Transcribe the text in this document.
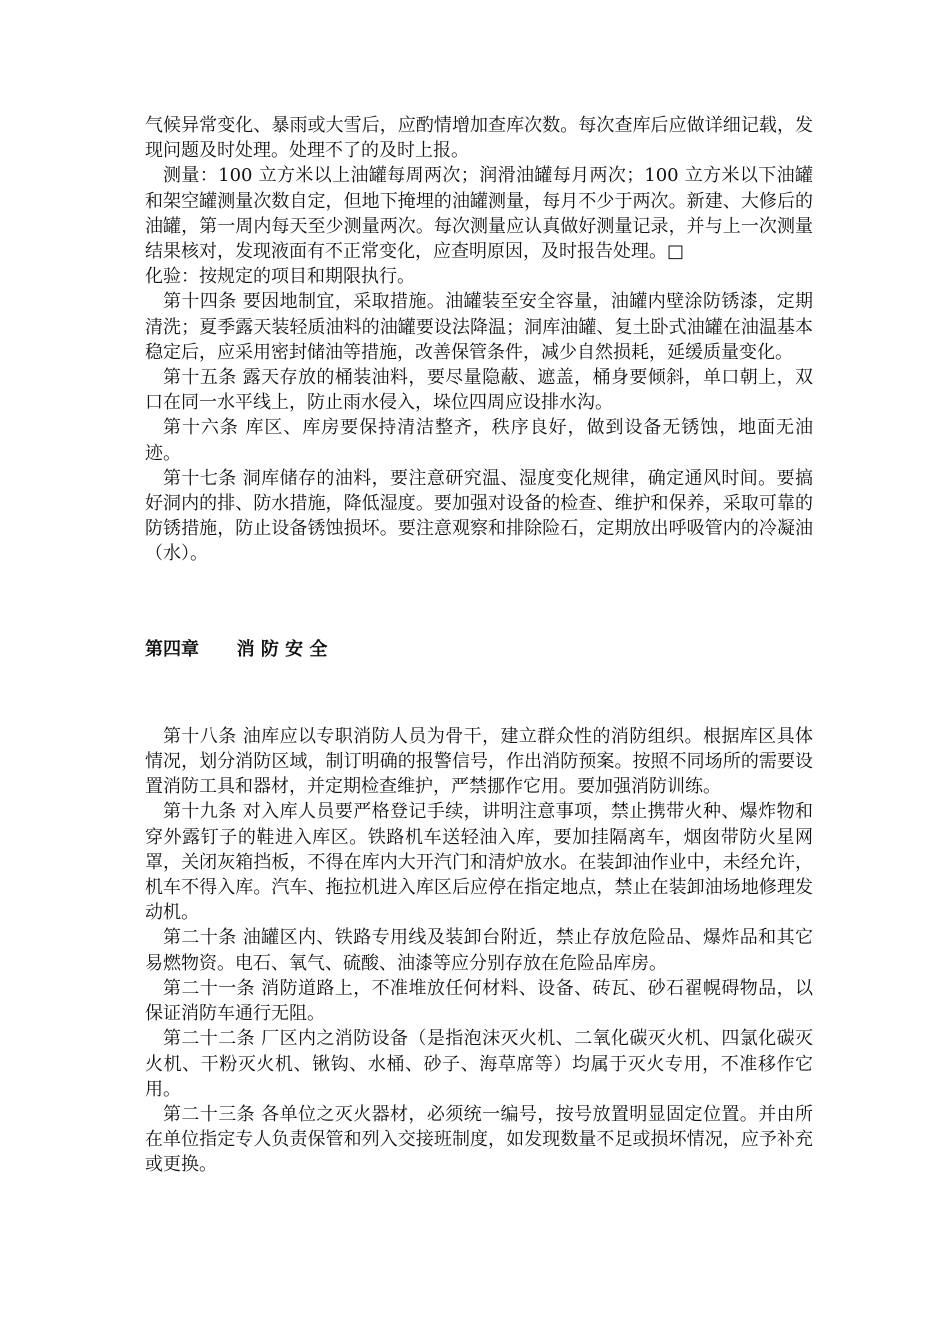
气候异常变化、暴雨或大雪后，应酌情增加查库次数。每次查库后应做详细记载，发现问题及时处理。处理不了的及时上报。

测量：100 立方米以上油罐每周两次；润滑油罐每月两次；100 立方米以下油罐和架空罐测量次数自定，但地下掩埋的油罐测量，每月不少于两次。新建、大修后的油罐，第一周内每天至少测量两次。每次测量应认真做好测量记录，并与上一次测量结果核对，发现液面有不正常变化，应查明原因，及时报告处理。□

化验：按规定的项目和期限执行。

第十四条 要因地制宜，采取措施。油罐装至安全容量，油罐内壁涂防锈漆，定期清洗；夏季露天装轻质油料的油罐要设法降温；洞库油罐、复土卧式油罐在油温基本稳定后，应采用密封储油等措施，改善保管条件，减少自然损耗，延缓质量变化。

第十五条 露天存放的桶装油料，要尽量隐蔽、遮盖，桶身要倾斜，单口朝上，双口在同一水平线上，防止雨水侵入，垛位四周应设排水沟。

第十六条 库区、库房要保持清洁整齐，秩序良好，做到设备无锈蚀，地面无油迹。

第十七条 洞库储存的油料，要注意研究温、湿度变化规律，确定通风时间。要搞好洞内的排、防水措施，降低湿度。要加强对设备的检查、维护和保养，采取可靠的防锈措施，防止设备锈蚀损坏。要注意观察和排除险石，定期放出呼吸管内的冷凝油（水）。

第四章      消 防 安 全

第十八条 油库应以专职消防人员为骨干，建立群众性的消防组织。根据库区具体情况，划分消防区域，制订明确的报警信号，作出消防预案。按照不同场所的需要设置消防工具和器材，并定期检查维护，严禁挪作它用。要加强消防训练。

第十九条 对入库人员要严格登记手续，讲明注意事项，禁止携带火种、爆炸物和穿外露钉子的鞋进入库区。铁路机车送轻油入库，要加挂隔离车，烟囱带防火星网罩，关闭灰箱挡板，不得在库内大开汽门和清炉放水。在装卸油作业中，未经允许，机车不得入库。汽车、拖拉机进入库区后应停在指定地点，禁止在装卸油场地修理发动机。

第二十条 油罐区内、铁路专用线及装卸台附近，禁止存放危险品、爆炸品和其它易燃物资。电石、氧气、硫酸、油漆等应分别存放在危险品库房。

第二十一条 消防道路上，不准堆放任何材料、设备、砖瓦、砂石翟幌碍物品，以保证消防车通行无阻。

第二十二条 厂区内之消防设备（是指泡沫灭火机、二氧化碳灭火机、四氯化碳灭火机、干粉灭火机、锹钩、水桶、砂子、海草席等）均属于灭火专用，不准移作它用。

第二十三条 各单位之灭火器材，必须统一编号，按号放置明显固定位置。并由所在单位指定专人负责保管和列入交接班制度，如发现数量不足或损坏情况，应予补充或更换。
